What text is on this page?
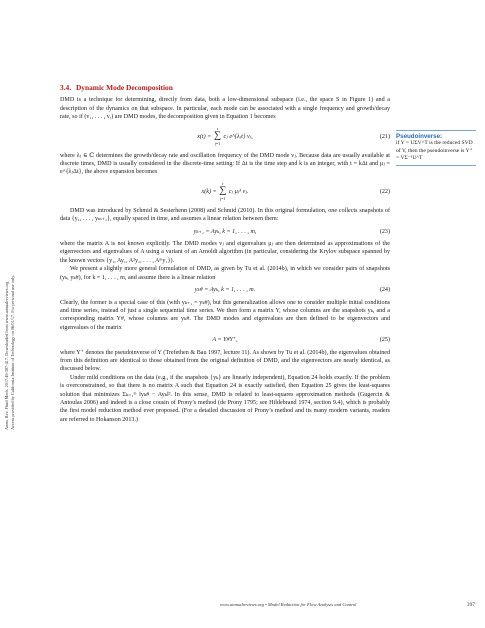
Annu. Rev. Fluid Mech. 2017.49:387-417. Downloaded from www.annualreviews.org Access provided by California Institute of Technology on 06/01/17. For personal use only.
3.4. Dynamic Mode Decomposition

DMD is a technique for determining, directly from data, both a low-dimensional subspace (i.e., the space S in Figure 1) and a description of the dynamics on that subspace. In particular, each mode can be associated with a single frequency and growth/decay rate, so if (v₁, . . . , vᵣ) are DMD modes, the decomposition given in Equation 1 becomes

x(t) =
r
∑
j=1
cⱼ e^{λⱼt} vⱼ,	(21)

where λⱼ ∈ ℂ determines the growth/decay rate and oscillation frequency of the DMD mode vⱼ. Because data are usually available at discrete times, DMD is usually considered in the discrete-time setting: If Δt is the time step and k is an integer, with t = kΔt and μⱼ = e^{λⱼΔt}, the above expansion becomes

x(k) =
r
∑
j=1
cⱼ μⱼᵏ vⱼ.	(22)

DMD was introduced by Schmid & Sesterhenn (2008) and Schmid (2010). In this original formulation, one collects snapshots of data {y₁, . . . , yₘ₊₁}, equally spaced in time, and assumes a linear relation between them:

yₖ₊₁ = Ayₖ, k = 1, . . . , m,	(23)

where the matrix A is not known explicitly. The DMD modes vⱼ and eigenvalues μⱼ are then determined as approximations of the eigenvectors and eigenvalues of A using a variant of an Arnoldi algorithm (in particular, considering the Krylov subspace spanned by the known vectors {y₁, Ay₁, A²y₁, . . . , Aᵐy₁}).

We present a slightly more general formulation of DMD, as given by Tu et al. (2014b), in which we consider pairs of snapshots (yₖ, yₖ#), for k = 1, . . . , m, and assume there is a linear relation

yₖ# = Ayₖ, k = 1, . . . , m.	(24)

Clearly, the former is a special case of this (with yₖ₊₁ = yₖ#), but this generalization allows one to consider multiple initial conditions and time series, instead of just a single sequential time series. We then form a matrix Y, whose columns are the snapshots yₖ, and a corresponding matrix Y#, whose columns are yₖ#. The DMD modes and eigenvalues are then defined to be eigenvectors and eigenvalues of the matrix

A = Y#Y⁺,	(25)

where Y⁺ denotes the pseudoinverse of Y (Trefethen & Bau 1997, lecture 11). As shown by Tu et al. (2014b), the eigenvalues obtained from this definition are identical to those obtained from the original definition of DMD, and the eigenvectors are nearly identical, as discussed below.

Under mild conditions on the data (e.g., if the snapshots {yₖ} are linearly independent), Equation 24 holds exactly. If the problem is overconstrained, so that there is no matrix A such that Equation 24 is exactly satisfied, then Equation 25 gives the least-squares solution that minimizes Σₖ₌₁ᵐ ‖yₖ# − Ayₖ‖². In this sense, DMD is related to least-squares approximation methods (Gugercin & Antoulas 2006) and indeed is a close cousin of Prony’s method (de Prony 1795; see Hildebrand 1974, section 9.4), which is probably the first model reduction method ever proposed. (For a detailed discussion of Prony’s method and its many modern variants, readers are referred to Hokanson 2013.)

Pseudoinverse:
if Y = UΣV^T is the reduced SVD of Y, then the pseudoinverse is Y⁺ = VΣ⁻¹U^T
www.annualreviews.org • Model Reduction for Flow Analysis and Control	397
